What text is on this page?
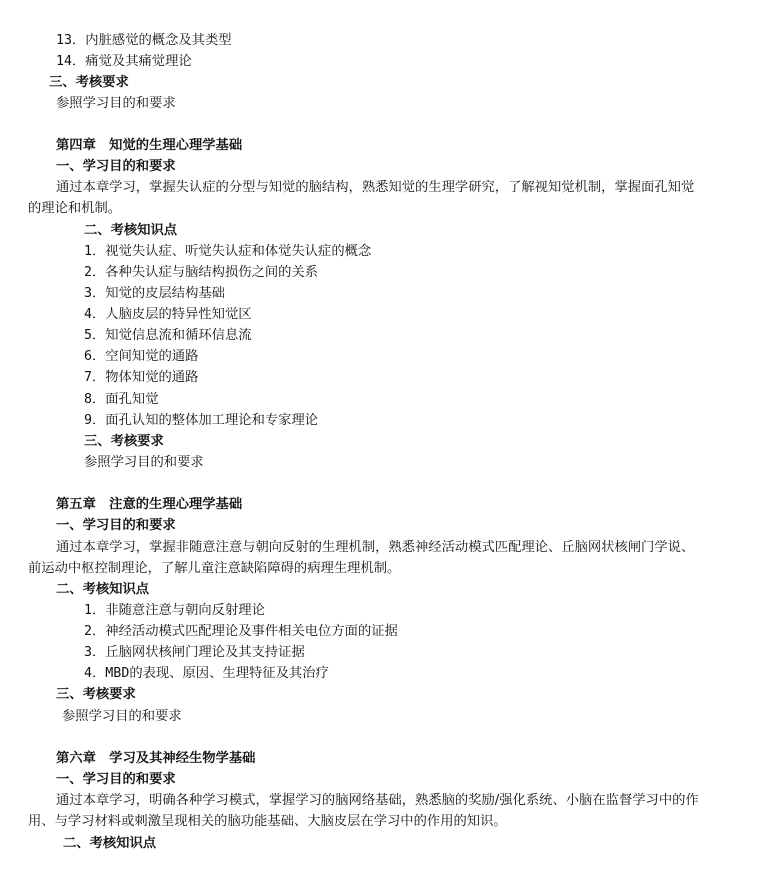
13．内脏感觉的概念及其类型
14．痛觉及其痛觉理论
三、考核要求
参照学习目的和要求
第四章　知觉的生理心理学基础
一、学习目的和要求
通过本章学习，掌握失认症的分型与知觉的脑结构，熟悉知觉的生理学研究，了解视知觉机制，掌握面孔知觉
的理论和机制。
二、考核知识点
1．视觉失认症、听觉失认症和体觉失认症的概念
2．各种失认症与脑结构损伤之间的关系
3．知觉的皮层结构基础
4．人脑皮层的特异性知觉区
5．知觉信息流和循环信息流
6．空间知觉的通路
7．物体知觉的通路
8．面孔知觉
9．面孔认知的整体加工理论和专家理论
三、考核要求
参照学习目的和要求
第五章　注意的生理心理学基础
一、学习目的和要求
通过本章学习，掌握非随意注意与朝向反射的生理机制，熟悉神经活动模式匹配理论、丘脑网状核闸门学说、
前运动中枢控制理论，了解儿童注意缺陷障碍的病理生理机制。
二、考核知识点
1．非随意注意与朝向反射理论
2．神经活动模式匹配理论及事件相关电位方面的证据
3．丘脑网状核闸门理论及其支持证据
4．MBD的表现、原因、生理特征及其治疗
三、考核要求
参照学习目的和要求
第六章　学习及其神经生物学基础
一、学习目的和要求
通过本章学习，明确各种学习模式，掌握学习的脑网络基础，熟悉脑的奖励/强化系统、小脑在监督学习中的作
用、与学习材料或刺激呈现相关的脑功能基础、大脑皮层在学习中的作用的知识。
二、考核知识点
